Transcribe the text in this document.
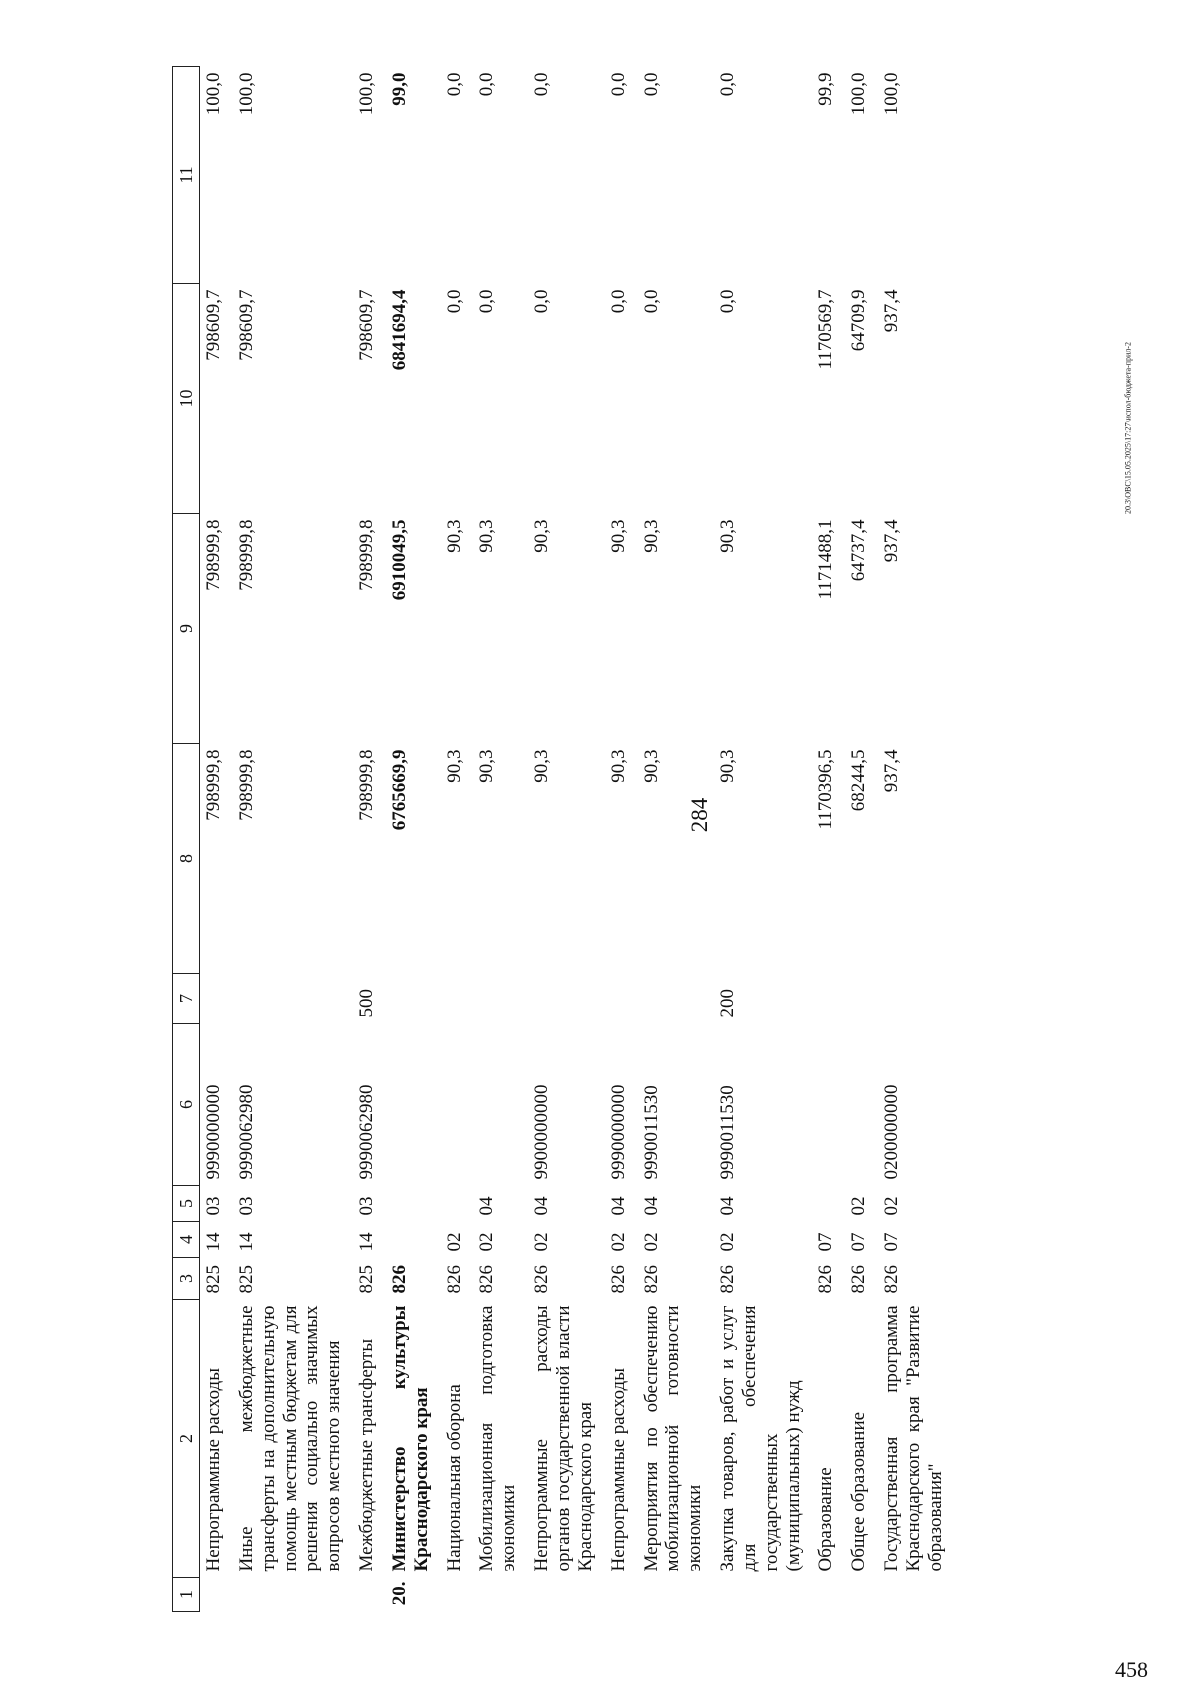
284
20.3\ОВС\15.05.2025\17:27\испол-бюджета-прил-2
458
1	2	3	4	5	6	7	8	9	10	11
	Непрограммные расходы	825	14	03	9990000000		798999,8	798999,8	798609,7	100,0
	Иные межбюджетные трансферты на дополнительную помощь местным бюджетам для решения социально значимых вопросов местного значения	825	14	03	9990062980		798999,8	798999,8	798609,7	100,0
	Межбюджетные трансферты	825	14	03	9990062980	500	798999,8	798999,8	798609,7	100,0
20.	Министерство культуры Краснодарского края	826					6765669,9	6910049,5	6841694,4	99,0
	Национальная оборона	826	02				90,3	90,3	0,0	0,0
	Мобилизационная подготовка экономики	826	02	04			90,3	90,3	0,0	0,0
	Непрограммные расходы органов государственной власти Краснодарского края	826	02	04	9900000000		90,3	90,3	0,0	0,0
	Непрограммные расходы	826	02	04	9990000000		90,3	90,3	0,0	0,0
	Мероприятия по обеспечению мобилизационной готовности экономики	826	02	04	9990011530		90,3	90,3	0,0	0,0
	Закупка товаров, работ и услуг для обеспечения государственных (муниципальных) нужд	826	02	04	9990011530	200	90,3	90,3	0,0	0,0
	Образование	826	07				1170396,5	1171488,1	1170569,7	99,9
	Общее образование	826	07	02			68244,5	64737,4	64709,9	100,0
	Государственная программа Краснодарского края "Развитие образования"	826	07	02	0200000000		937,4	937,4	937,4	100,0
